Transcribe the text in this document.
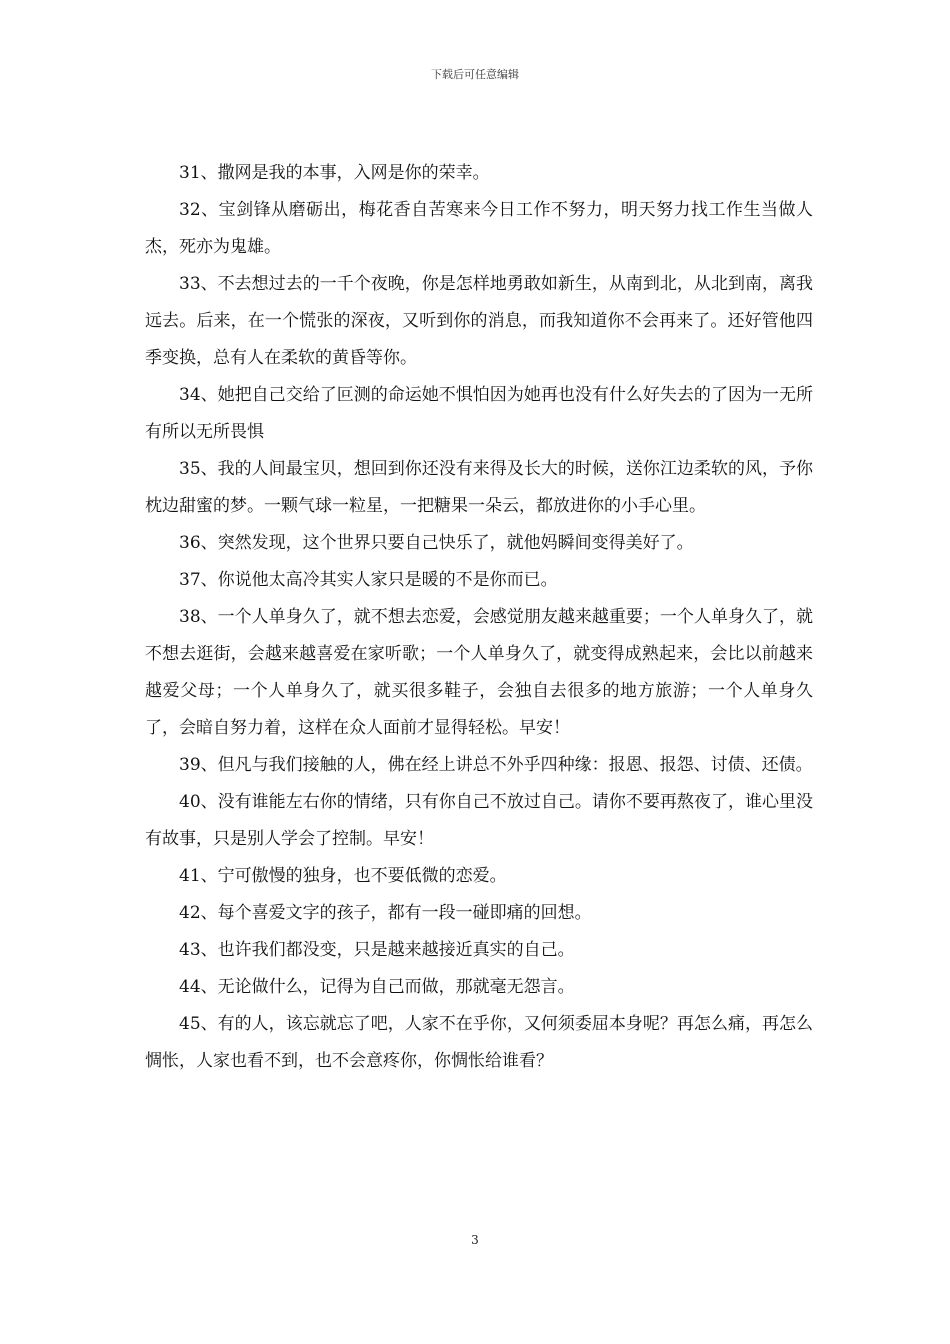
下载后可任意编辑

31、撒网是我的本事，入网是你的荣幸。

32、宝剑锋从磨砺出，梅花香自苦寒来今日工作不努力，明天努力找工作生当做人杰，死亦为鬼雄。

33、不去想过去的一千个夜晚，你是怎样地勇敢如新生，从南到北，从北到南，离我远去。后来，在一个慌张的深夜，又听到你的消息，而我知道你不会再来了。还好管他四季变换，总有人在柔软的黄昏等你。

34、她把自己交给了叵测的命运她不惧怕因为她再也没有什么好失去的了因为一无所有所以无所畏惧

35、我的人间最宝贝，想回到你还没有来得及长大的时候，送你江边柔软的风，予你枕边甜蜜的梦。一颗气球一粒星，一把糖果一朵云，都放进你的小手心里。

36、突然发现，这个世界只要自己快乐了，就他妈瞬间变得美好了。

37、你说他太高冷其实人家只是暖的不是你而已。

38、一个人单身久了，就不想去恋爱，会感觉朋友越来越重要；一个人单身久了，就不想去逛街，会越来越喜爱在家听歌；一个人单身久了，就变得成熟起来，会比以前越来越爱父母；一个人单身久了，就买很多鞋子，会独自去很多的地方旅游；一个人单身久了，会暗自努力着，这样在众人面前才显得轻松。早安！

39、但凡与我们接触的人，佛在经上讲总不外乎四种缘：报恩、报怨、讨债、还债。

40、没有谁能左右你的情绪，只有你自己不放过自己。请你不要再熬夜了，谁心里没有故事，只是别人学会了控制。早安！

41、宁可傲慢的独身，也不要低微的恋爱。

42、每个喜爱文字的孩子，都有一段一碰即痛的回想。

43、也许我们都没变，只是越来越接近真实的自己。

44、无论做什么，记得为自己而做，那就毫无怨言。

45、有的人，该忘就忘了吧，人家不在乎你，又何须委屈本身呢？再怎么痛，再怎么惆怅，人家也看不到，也不会意疼你，你惆怅给谁看？

3
